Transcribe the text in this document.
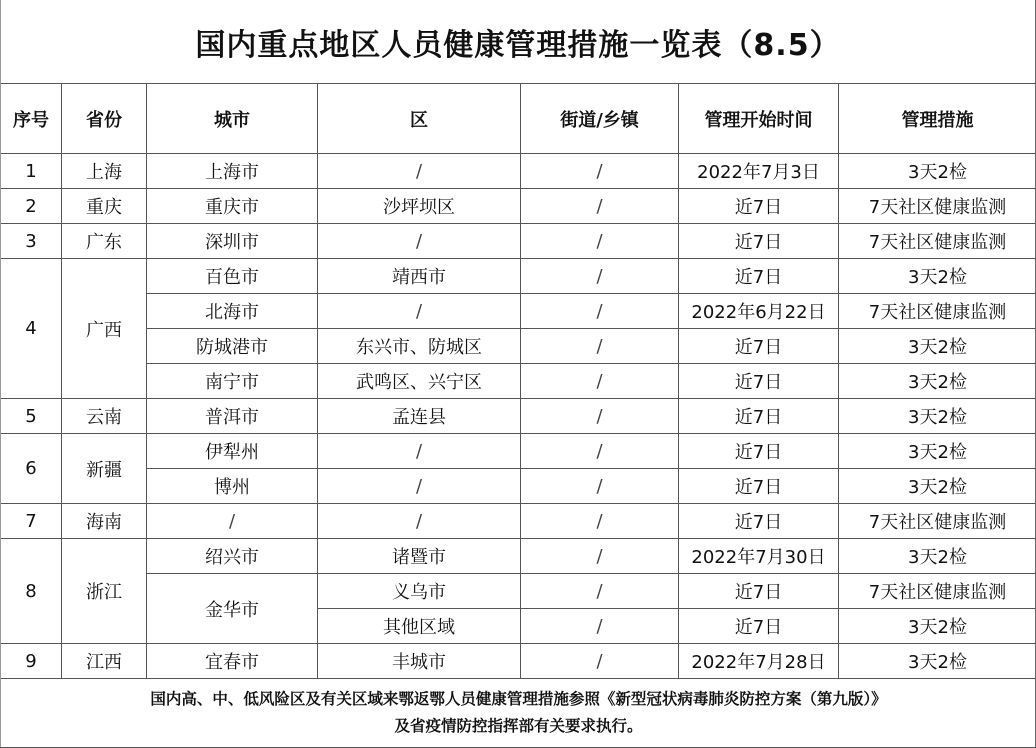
国内重点地区人员健康管理措施一览表（8.5）
序号	省份	城市	区	街道/乡镇	管理开始时间	管理措施
1	上海	上海市	/	/	2022年7月3日	3天2检
2	重庆	重庆市	沙坪坝区	/	近7日	7天社区健康监测
3	广东	深圳市	/	/	近7日	7天社区健康监测
4	广西	百色市	靖西市	/	近7日	3天2检
		北海市	/	/	2022年6月22日	7天社区健康监测
		防城港市	东兴市、防城区	/	近7日	3天2检
		南宁市	武鸣区、兴宁区	/	近7日	3天2检
5	云南	普洱市	孟连县	/	近7日	3天2检
6	新疆	伊犁州	/	/	近7日	3天2检
		博州	/	/	近7日	3天2检
7	海南	/	/	/	近7日	7天社区健康监测
8	浙江	绍兴市	诸暨市	/	2022年7月30日	3天2检
		金华市	义乌市	/	近7日	7天社区健康监测
			其他区域	/	近7日	3天2检
9	江西	宜春市	丰城市	/	2022年7月28日	3天2检

国内高、中、低风险区及有关区域来鄂返鄂人员健康管理措施参照《新型冠状病毒肺炎防控方案（第九版）》
及省疫情防控指挥部有关要求执行。						
